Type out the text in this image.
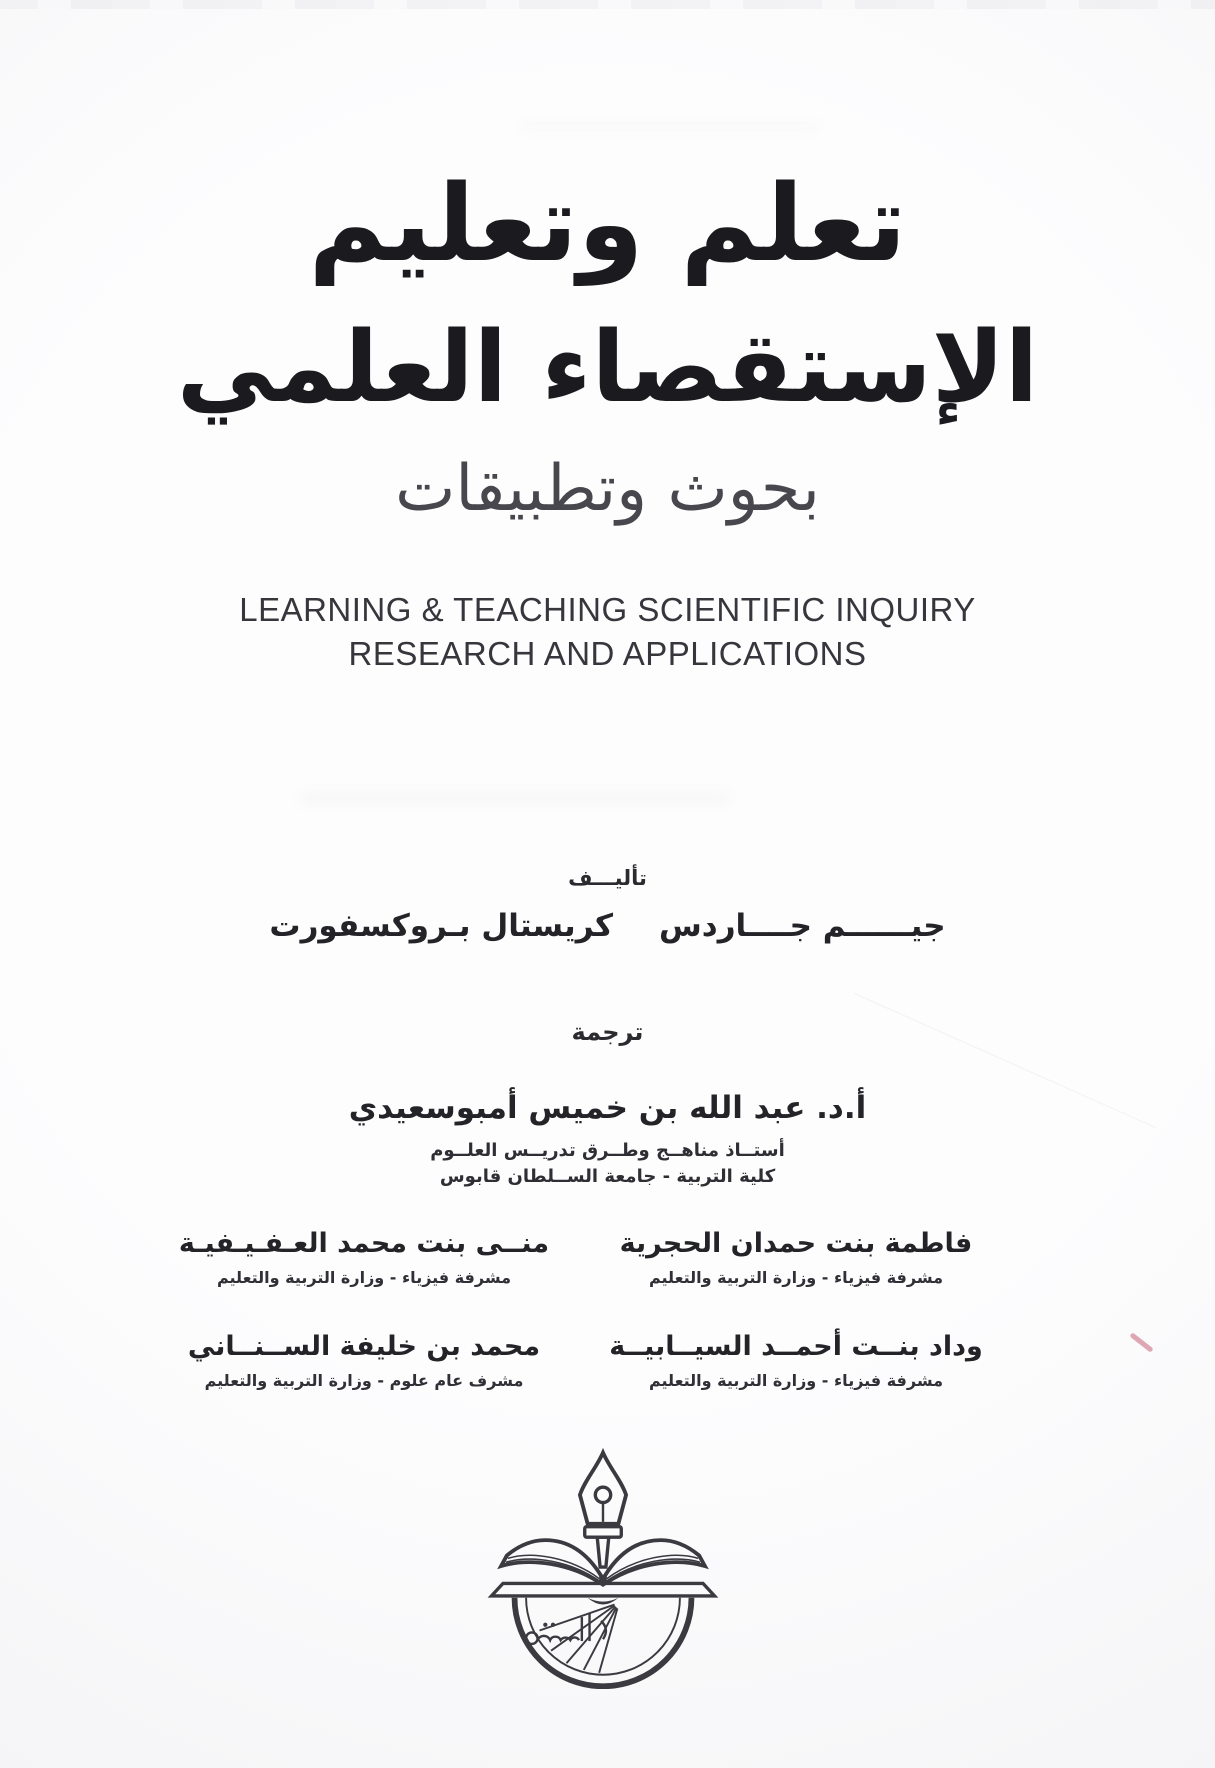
تعلم وتعليم
الإستقصاء العلمي
بحوث وتطبيقات
LEARNING & TEACHING SCIENTIFIC INQUIRY
RESEARCH AND APPLICATIONS
تأليـــف
جيــــــم جــــاردس
كريستال بـروكسفورت
ترجمة
أ.د. عبد الله بن خميس أمبوسعيدي
أستــاذ مناهــج وطــرق تدريــس العلــوم
كلية التربية - جامعة الســلطان قابوس
فاطمة بنت حمدان الحجرية
مشرفة فيزياء - وزارة التربية والتعليم
منــى بنت محمد العـفـيـفيـة
مشرفة فيزياء - وزارة التربية والتعليم
وداد بنــت أحمــد السيــابيــة
مشرفة فيزياء - وزارة التربية والتعليم
محمد بن خليفة الســنــاني
مشرف عام علوم - وزارة التربية والتعليم
